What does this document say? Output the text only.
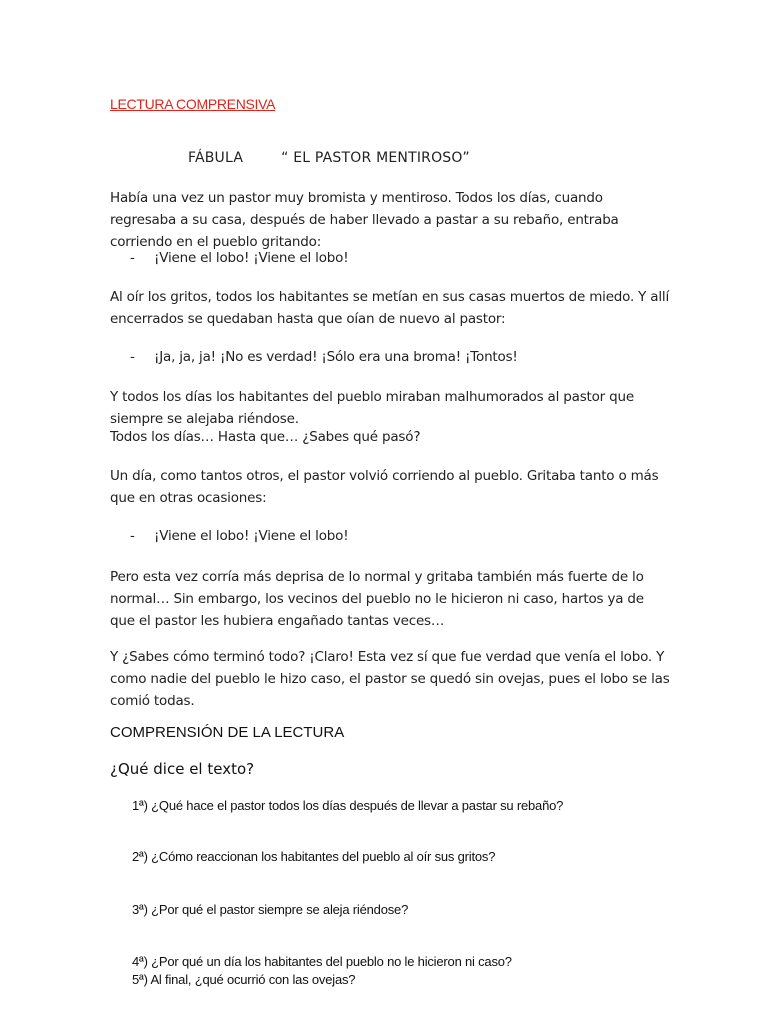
LECTURA COMPRENSIVA
FÁBULA	“ EL PASTOR MENTIROSO”
Había una vez un pastor muy bromista y mentiroso. Todos los días, cuando regresaba a su casa, después de haber llevado a pastar a su rebaño, entraba corriendo en el pueblo gritando:
- ¡Viene el lobo! ¡Viene el lobo!
Al oír los gritos, todos los habitantes se metían en sus casas muertos de miedo. Y allí encerrados se quedaban hasta que oían de nuevo al pastor:
- ¡Ja, ja, ja! ¡No es verdad! ¡Sólo era una broma! ¡Tontos!
Y todos los días los habitantes del pueblo miraban malhumorados al pastor que siempre se alejaba riéndose.
Todos los días… Hasta que… ¿Sabes qué pasó?
Un día, como tantos otros, el pastor volvió corriendo al pueblo. Gritaba tanto o más que en otras ocasiones:
- ¡Viene el lobo! ¡Viene el lobo!
Pero esta vez corría más deprisa de lo normal y gritaba también más fuerte de lo normal… Sin embargo, los vecinos del pueblo no le hicieron ni caso, hartos ya de que el pastor les hubiera engañado tantas veces…
Y ¿Sabes cómo terminó todo? ¡Claro! Esta vez sí que fue verdad que venía el lobo. Y como nadie del pueblo le hizo caso, el pastor se quedó sin ovejas, pues el lobo se las comió todas.
COMPRENSIÓN DE LA LECTURA
¿Qué dice el texto?
1ª) ¿Qué hace el pastor todos los días después de llevar a pastar su rebaño?
2ª) ¿Cómo reaccionan los habitantes del pueblo al oír sus gritos?
3ª) ¿Por qué el pastor siempre se aleja riéndose?
4ª) ¿Por qué un día los habitantes del pueblo no le hicieron ni caso?
5ª) Al final, ¿qué ocurrió con las ovejas?
